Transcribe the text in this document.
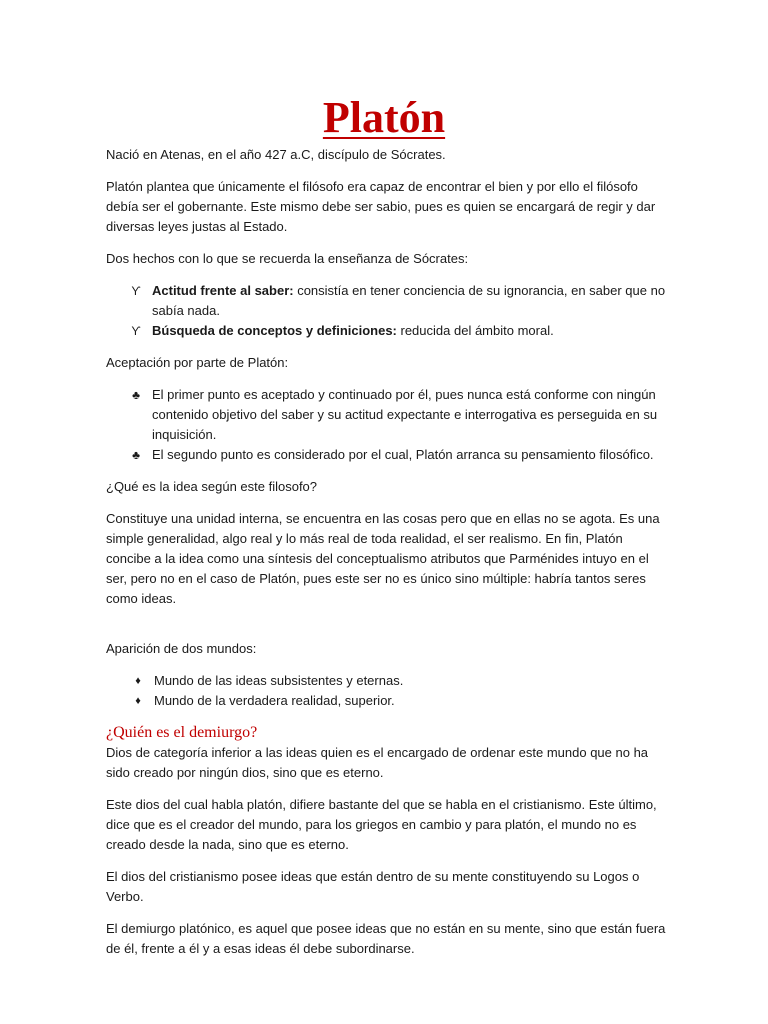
Platón

Nació en Atenas, en el año 427 a.C, discípulo de Sócrates.

Platón plantea que únicamente el filósofo era capaz de encontrar el bien y por ello el filósofo debía ser el gobernante. Este mismo debe ser sabio, pues es quien se encargará de regir y dar diversas leyes justas al Estado.

Dos hechos con lo que se recuerda la enseñanza de Sócrates:

ϒ Actitud frente al saber: consistía en tener conciencia de su ignorancia, en saber que no sabía nada.
ϒ Búsqueda de conceptos y definiciones: reducida del ámbito moral.

Aceptación por parte de Platón:

♣ El primer punto es aceptado y continuado por él, pues nunca está conforme con ningún contenido objetivo del saber y su actitud expectante e interrogativa es perseguida en su inquisición.
♣ El segundo punto es considerado por el cual, Platón arranca su pensamiento filosófico.

¿Qué es la idea según este filosofo?

Constituye una unidad interna, se encuentra en las cosas pero que en ellas no se agota. Es una simple generalidad, algo real y lo más real de toda realidad, el ser realismo. En fin, Platón concibe a la idea como una síntesis del conceptualismo atributos que Parménides intuyo en el ser, pero no en el caso de Platón, pues este ser no es único sino múltiple: habría tantos seres como ideas.

Aparición de dos mundos:

♦	Mundo de las ideas subsistentes y eternas.
♦	Mundo de la verdadera realidad, superior.
¿Quién es el demiurgo?

Dios de categoría inferior a las ideas quien es el encargado de ordenar este mundo que no ha sido creado por ningún dios, sino que es eterno.

Este dios del cual habla platón, difiere bastante del que se habla en el cristianismo. Este último, dice que es el creador del mundo, para los griegos en cambio y para platón, el mundo no es creado desde la nada, sino que es eterno.

El dios del cristianismo posee ideas que están dentro de su mente constituyendo su Logos o Verbo.

El demiurgo platónico, es aquel que posee ideas que no están en su mente, sino que están fuera de él, frente a él y a esas ideas él debe subordinarse.
